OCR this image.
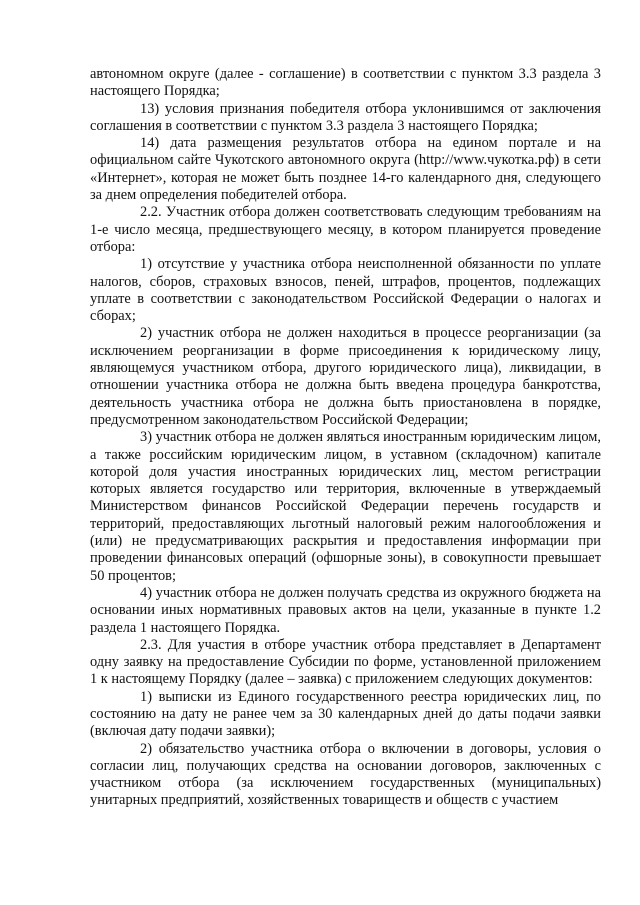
автономном округе (далее - соглашение) в соответствии с пунктом 3.3 раздела 3 настоящего Порядка;

13) условия признания победителя отбора уклонившимся от заключения соглашения в соответствии с пунктом 3.3 раздела 3 настоящего Порядка;

14) дата размещения результатов отбора на едином портале и на официальном сайте Чукотского автономного округа (http://www.чукотка.рф) в сети «Интернет», которая не может быть позднее 14-го календарного дня, следующего за днем определения победителей отбора.

2.2. Участник отбора должен соответствовать следующим требованиям на 1-е число месяца, предшествующего месяцу, в котором планируется проведение отбора:

1) отсутствие у участника отбора неисполненной обязанности по уплате налогов, сборов, страховых взносов, пеней, штрафов, процентов, подлежащих уплате в соответствии с законодательством Российской Федерации о налогах и сборах;

2) участник отбора не должен находиться в процессе реорганизации (за исключением реорганизации в форме присоединения к юридическому лицу, являющемуся участником отбора, другого юридического лица), ликвидации, в отношении участника отбора не должна быть введена процедура банкротства, деятельность участника отбора не должна быть приостановлена в порядке, предусмотренном законодательством Российской Федерации;

3) участник отбора не должен являться иностранным юридическим лицом, а также российским юридическим лицом, в уставном (складочном) капитале которой доля участия иностранных юридических лиц, местом регистрации которых является государство или территория, включенные в утверждаемый Министерством финансов Российской Федерации перечень государств и территорий, предоставляющих льготный налоговый режим налогообложения и (или) не предусматривающих раскрытия и предоставления информации при проведении финансовых операций (офшорные зоны), в совокупности превышает 50 процентов;

4) участник отбора не должен получать средства из окружного бюджета на основании иных нормативных правовых актов на цели, указанные в пункте 1.2 раздела 1 настоящего Порядка.

2.3. Для участия в отборе участник отбора представляет в Департамент одну заявку на предоставление Субсидии по форме, установленной приложением 1 к настоящему Порядку (далее – заявка) с приложением следующих документов:

1) выписки из Единого государственного реестра юридических лиц, по состоянию на дату не ранее чем за 30 календарных дней до даты подачи заявки (включая дату подачи заявки);

2) обязательство участника отбора о включении в договоры, условия о согласии лиц, получающих средства на основании договоров, заключенных с участником отбора (за исключением государственных (муниципальных) унитарных предприятий, хозяйственных товариществ и обществ с участием
